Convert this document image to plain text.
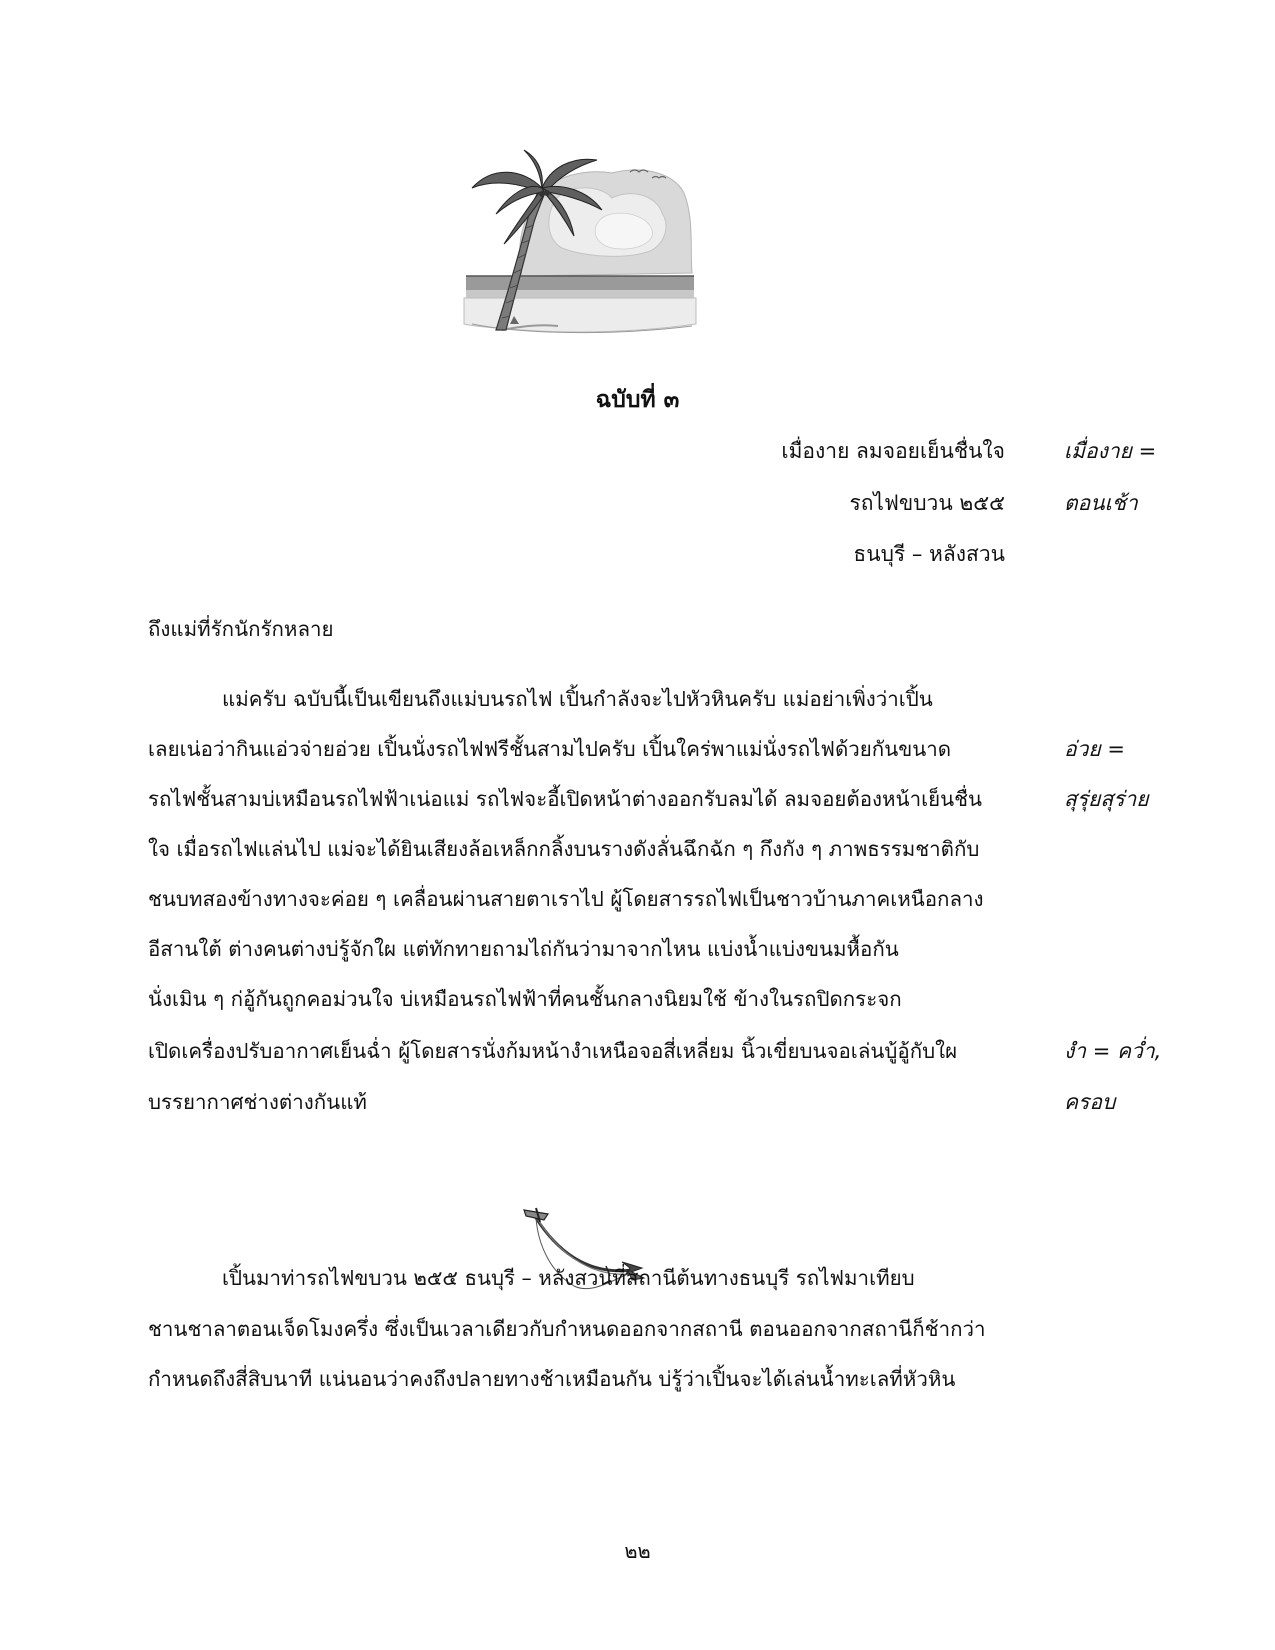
ฉบับที่ ๓
เมื่องาย ลมจอยเย็นชื่นใจ
รถไฟขบวน ๒๕๕
ธนบุรี – หลังสวน
เมื่องาย =
ตอนเช้า
อ่วย =
สุรุ่ยสุร่าย
งำ = คว่ำ,
ครอบ
ถึงแม่ที่รักนักรักหลาย
แม่ครับ ฉบับนี้เป็นเขียนถึงแม่บนรถไฟ เปิ้นกำลังจะไปหัวหินครับ แม่อย่าเพิ่งว่าเปิ้น
เลยเน่อว่ากินแอ่วจ่ายอ่วย เปิ้นนั่งรถไฟฟรีชั้นสามไปครับ เปิ้นใคร่พาแม่นั่งรถไฟด้วยกันขนาด
รถไฟชั้นสามบ่เหมือนรถไฟฟ้าเน่อแม่ รถไฟจะอี้เปิดหน้าต่างออกรับลมได้ ลมจอยต้องหน้าเย็นชื่น
ใจ เมื่อรถไฟแล่นไป แม่จะได้ยินเสียงล้อเหล็กกลิ้งบนรางดังลั่นฉึกฉัก ๆ กึงกัง ๆ ภาพธรรมชาติกับ
ชนบทสองข้างทางจะค่อย ๆ เคลื่อนผ่านสายตาเราไป ผู้โดยสารรถไฟเป็นชาวบ้านภาคเหนือกลาง
อีสานใต้ ต่างคนต่างบ่รู้จักใผ แต่ทักทายถามไถ่กันว่ามาจากไหน แบ่งน้ำแบ่งขนมหื้อกัน
นั่งเมิน ๆ ก่อู้กันถูกคอม่วนใจ บ่เหมือนรถไฟฟ้าที่คนชั้นกลางนิยมใช้ ข้างในรถปิดกระจก
เปิดเครื่องปรับอากาศเย็นฉ่ำ ผู้โดยสารนั่งก้มหน้างำเหนือจอสี่เหลี่ยม นิ้วเขี่ยบนจอเล่นบู้อู้กับใผ
บรรยากาศช่างต่างกันแท้
เปิ้นมาท่ารถไฟขบวน ๒๕๕ ธนบุรี – หลังสวนที่สถานีต้นทางธนบุรี รถไฟมาเทียบ
ชานชาลาตอนเจ็ดโมงครึ่ง ซึ่งเป็นเวลาเดียวกับกำหนดออกจากสถานี ตอนออกจากสถานีก็ช้ากว่า
กำหนดถึงสี่สิบนาที แน่นอนว่าคงถึงปลายทางช้าเหมือนกัน บ่รู้ว่าเปิ้นจะได้เล่นน้ำทะเลที่หัวหิน
๒๒
